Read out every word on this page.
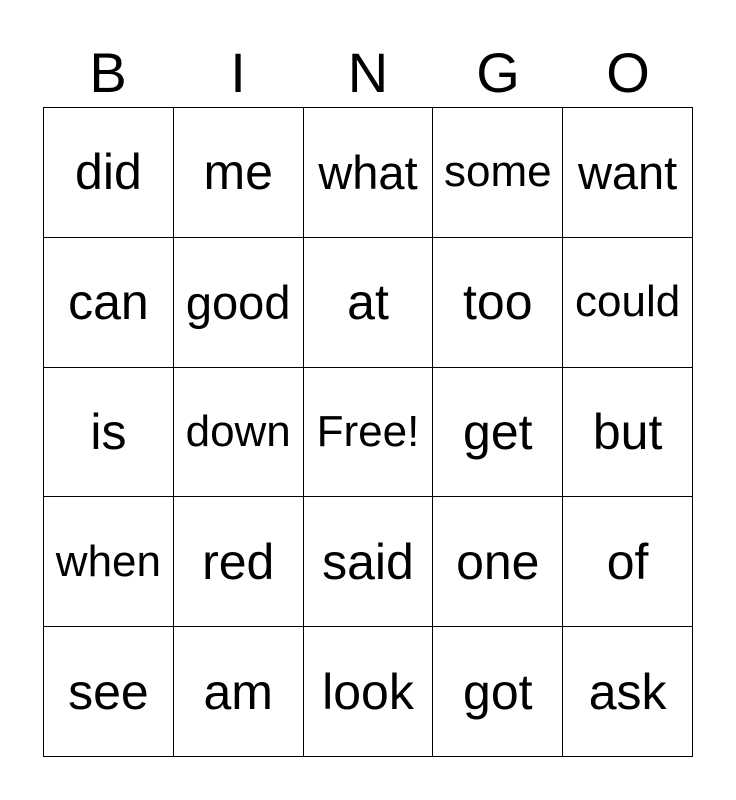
B	I	N	G	O
did me what some want
can good at too could
is down Free! get but
when red said one of
see am look got ask
